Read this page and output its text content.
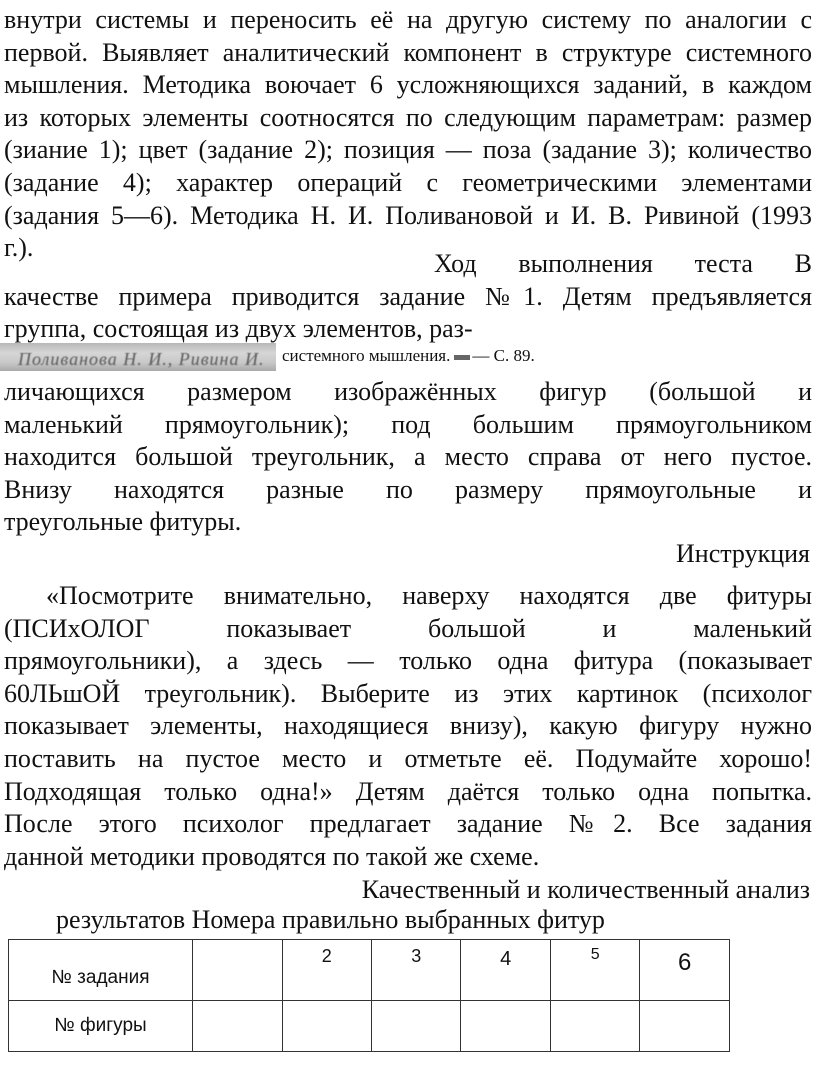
внутри системы и переносить её на другую систему по аналогии с
первой. Выявляет аналитический компонент в структуре системного
мышления. Методика воючает 6 усложняющихся заданий, в каждом
из которых элементы соотносятся по следующим параметрам: размер
(зиание 1); цвет (задание 2); позиция — поза (задание 3); количество
(задание 4); характер операций с геометрическими элементами
(задания 5—6). Методика Н. И. Поливановой и И. В. Ривиной (1993
г.).
Ход выполнения теста В
качестве примера приводится задание №1. Детям предъявляется
группа, состоящая из двух элементов, раз-
Поливанова Н. И., Ривина И. системного мышления. — С. 89.
личающихся размером изображённых фигур (большой и
маленький прямоугольник); под большим прямоугольником
находится большой треугольник, а место справа от него пустое.
Внизу находятся разные по размеру прямоугольные и
треугольные фитуры.
Инструкция
«Посмотрите внимательно, наверху находятся две фитуры
(ПСИхОЛОГ показывает большой и маленький
прямоугольники), а здесь — только одна фитура (показывает
60ЛЬшОЙ треугольник). Выберите из этих картинок (психолог
показывает элементы, находящиеся внизу), какую фигуру нужно
поставить на пустое место и отметьте её. Подумайте хорошо!
Подходящая только одна!» Детям даётся только одна попытка.
После этого психолог предлагает задание №2. Все задания
данной методики проводятся по такой же схеме.
Качественный и количественный анализ
результатов Номера правильно выбранных фитур
№ задания		2	3	4	5	6

№ фигуры						
